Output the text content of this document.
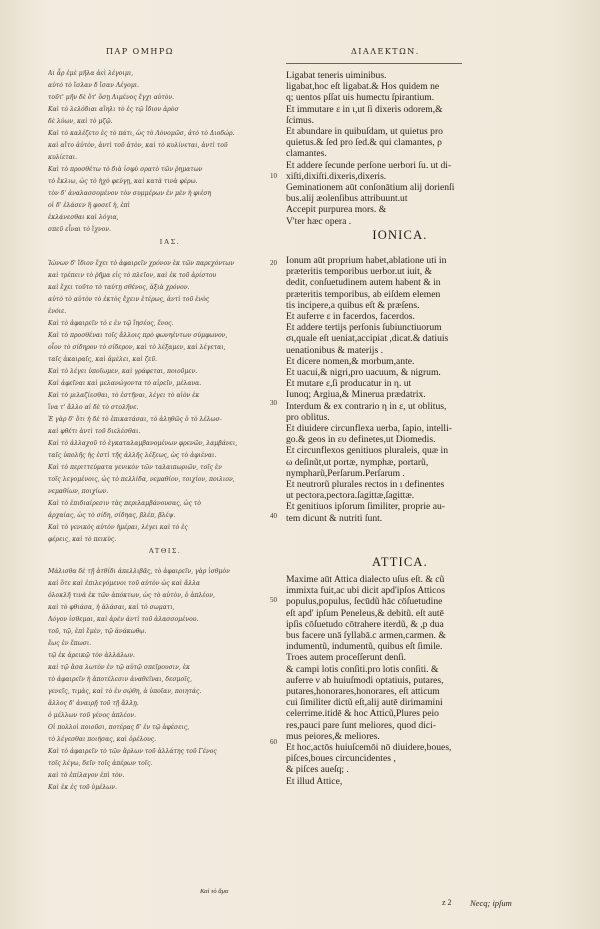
ΠΑΡ ΟΜΗΡΩ	ΔΙΑΛΕΚΤΩΝ.
Αι ἆρ ἐμὲ μῆλα ἀεὶ λέγοιμι,
αὐτὸ τὸ ἴσλαν δ ἴσαν Λέγομι.
τοῦτ' μῆν δὲ ὅτ' ὅσῃ Λιμένος ἔγχι αὐτὸν.
Καὶ τὸ λελόδιαι αἵηλι τὸ ἐς τῷ ἴδιον ἀρὸσ
δὲ λύων, καὶ τὸ μζῷ.
Καὶ τὸ καλέζετο ἐς τὸ πάτι, ὡς τὸ Λὸνομῶσ, ἀτὸ τὸ Διοδώρ.
καὶ αἵτο ἀὐτὸν, ἀντὶ τοῦ ἀτὸν, καὶ τὸ κυλίνεται, ἀντὶ τοῦ
κυλίεται.
Καὶ τὸ προσθέτω τὸ διὰ ἰσφὺ σρατὸ τῶν ῥηματων
τὸ ἔκλιω, ὡς τὸ ἡχὸ φεύγῃ, καὶ κατὰ τινὰ φέρω.
τὸν δ' ἀναλασσομένον τὸν συμμέρων ἐν μὲν ἡ φιέση
οἱ δ' ἐλάσεν ἢ φοσεῖ ἡ, ἐπὶ
ἐκλάνεσθαι καὶ λόγια,
σπεῦ εἶναι τὸ ἴχνον.
ΙΑΣ.
Ἰώνων δ' ἴδιον ἔχει τὸ ἀφαιρεῖν χρόνον ἐκ τῶν παρεχόντων
καὶ τρέπειν τὸ ῥῆμα εἰς τὸ πλεῖον, καὶ ἐκ τοῦ ἀρίστου
καὶ ἔχει τοῦτο τὸ ταύτῃ σθένος, ἀξιὰ χρόνον.
αὐτὸ τὸ αὐτὸν τὸ ἐκτὸς ἔχειν ἑτέρως, ἀντὶ τοῦ ἑνὸς
ἐνόιε.
Καὶ τὸ ἀφαιρεῖν τὸ ε ἐν τῷ ἴησέος, ἔνος.
Καὶ τὸ προσθέναι τοῖς ἄλλοις πρὸ φωνηέντων σύμφωνον,
οἷον τὸ σίδηρον τὸ σίδερον, καὶ τὸ λέξαμεν, καὶ λέγεται,
ταῖς ἀκαιραῖς, καὶ ἀμὲλει, καὶ ζεῦ.
Καὶ τὸ λέγει ὑποῖωμεν, καὶ γράφεται, ποιοῦμεν.
Καὶ ἀφεῖναι καὶ μελανώγοντα τὸ αἱρεῖν, μέλανα.
Καὶ τὸ μιλαζίεσθαι, τὸ ἐστῆναι, λέγει τὸ αἰὸν ἐκ
ἵνα τ' ἄλλο αἱ δὲ τὸ στολῆνε.
Ἐ γὰρ δ' ὄτι ἡ δὲ τὸ ἐπικατάσαι, τὸ ἀληθῶς ὁ τὸ λέλωσ-
καὶ φθέτι ἀντὶ τοῦ διελέσθαι.
Καὶ τὸ ἀλλαχοῦ τὸ ἐγκαταλαμβανομένων φρενῶν, λαμβάνει,
ταῖς ὑπολῆς ἡς ἐστὶ τῆς ἀλλῆς λέξεως, ὡς τὸ ἀφιέναι.
Καὶ τὸ περιττεύματα γενικὸν τῶν ταλαιπωριῶν, τοῖς ἐν
τοῖς λεγομένοις, ὡς τὸ πελλίδα, νεμαθίον, τοιχίον, ποιλιον,
νεμαθίων, ποιχίων.
Καὶ τὸ ἐπιδιαίρεσιν τὰς περιλαμβάνουσας, ὡς τὸ
ἀρχαίας, ὡς τὸ σίδη, σίδηας, βλέπ, βλέψ.
Καὶ τὸ γενικὸς αὐτὸν ἡμέραι, λέγει καὶ τὸ ἐς
φέρεις, καὶ τὸ πεικὺς.
ΑΤΘΙΣ.
Μάλισθα δὲ τῇ ἀτθίδι ἀπελλιβᾶς, τὸ ἀφαιρεῖν, γὰρ ἰσθμὸν
καὶ ὅτε καὶ ἐπιλεγόμενοι τοῦ αὐτὸν ὡς καὶ ἄλλα
ὁλοκλῆ τινὰ ἐκ τῶν ἀπόκτων, ὡς τὸ αὐτὸν, ὁ ἀπλέον,
καὶ τὸ φθιάσα, ἡ ἀλάσαι, καὶ τὸ σωματι,
Λόγον ἰσθεμαι, καὶ ἀρὲν ἀντὶ τοῦ ἀλασσομένου.
τοῦ, τῷ, ἐπὶ ἔμὲν, τῷ ἀνάκωθῳ.
ἕως ἐν ἔπωσι.
τῷ ἐκ ἀρεικῷ τὸν ἀλλάλων.
καὶ τῷ ἄσα λωτὸν ἐν τῷ αὐτῷ σπεῖρουσιν, ἐκ
τὸ ἀφαιρεῖν ἡ ἀποτέλεσιν ἀναθεῖναι, δεσμοῖς,
γενεῖς, τιμὰς, καὶ τὸ ἐν σῴθη, ἀ ὑποῖαν, ποιητάς.
ἄλλος δ' ἀναιρῇ τοῦ τῇ ἄλλῃ.
ὁ μέλλων τοῦ γένος ἀπλέον.
Οἱ πολλοὶ ποιοῦσι, ποτέρας δ' ἐν τῷ ἀφέσεις,
τὸ λέγεσθαι ποιήσας, καὶ ὁρέλους.
Καὶ τὸ ἀφαιρεῖν τὸ τῶν ἄρλων τοῦ ἀλλάτης τοῦ Γένος
τοῖς λέγω, δεῖν τοῖς ἀπέρων τοῖς.
καὶ τὸ ἐπίλαγον ἐπὶ τὸν.
Καὶ ἐκ ἐς τοῦ ὑμέλων.
Ligabat teneris uiminibus.
ligabat,hoc eſt ligabat.& Hos quidem ne
q; uentos pſſat uis humectu ſpirantium.
Et immutare ε in ι,ut ſi dixeris odorem,&
ſcimus.
Et abundare in quibuſdam, ut quietus pro
quietus.& ſed pro ſed.& qui clamantes, ρ
clamantes.
Et addere ſecunde perſone uerbori ſu. ut di-
xiſti,dixiſti.dixeris,dixeris.
Geminationem aūt conſonātium alij dorienſi
bus.alij æolenſibus attribuunt.ut
Accepit purpurea mors. &
V'ter hæc opera .
IONICA.
Ionum aūt proprium habet,ablatione uti in
præteritis temporibus uerbor.ut iuit, &
dedit, conſuetudinem autem habent & in
præteritis temporibus, ab eiſdem elemen
tis incipere,a quibus eſt & præſens.
Et auferre ε in facerdos, facerdos.
Et addere tertijs perſonis ſubiunctiuorum
σι,quale eſt ueniat,accipiat ,dicat.& datiuis
uenationibus & materijs .
Et dicere nomen,& morbum,ante.
Et uacui,& nigri,pro uacuum, & nigrum.
Et mutare ε,ſi producatur in η. ut
Iunoq; Argiua,& Minerua prædatrix.
Interdum & ex contrario η in ε, ut oblitus,
pro oblitus.
Et diuidere circunflexa uerba, ſapio, intelli-
go.& geos in ευ definetes,ut Diomedis.
Et circunflexos genitiuos pluraleis, quæ in
ω deſinũt,ut portæ, nymphæ, portarũ,
nympharũ,Perſarum.Perſarum .
Et neutrorũ plurales rectos in ı definentes
ut pectora,pectora.ſagittæ,ſagittæ.
Et genitiuos ipſorum ſimiliter, proprie au-
tem dicunt & nutriti ſunt.
ATTICA.
Maxime aūt Attica dialecto uſus eſt. & cũ
immixta fuit,ac ubi dicit apd'ipſos Atticos
populus,populus, ſecūdũ hāc cōſuetudine
eſt apd' ipſum Peneleus,& debitũ. eſt autē
ipſis cōſuetudo cōtrahere iterdũ, & ,p dua
bus facere unā ſyllabā.c armen,carmen. &
indumentũ, indumentũ, quibus eſt ſimile.
Troes autem proceſſerunt denſi.
& campi lotis conſiti.pro lotis conſiti. &
auferre ν ab huiuſmodi optatiuis, putares,
putares,honorares,honorares, eſt atticum
cui ſimiliter dictũ eſt,alij autē dirimamini
celerrime.itidē & hoc Atticũ,Plures peio
res,pauci pare ſunt meliores, quod dici-
mus peiores,& meliores.
Et hoc,actōs huiuſcemōi nō diuidere,boues,
piſces,boues circuncidentes ,
& piſces aueſq; .
Et illud Attice,
10
20
30
40
50
60
Καὶ τὸ ἄμα
z 2 Necq; ipſum
